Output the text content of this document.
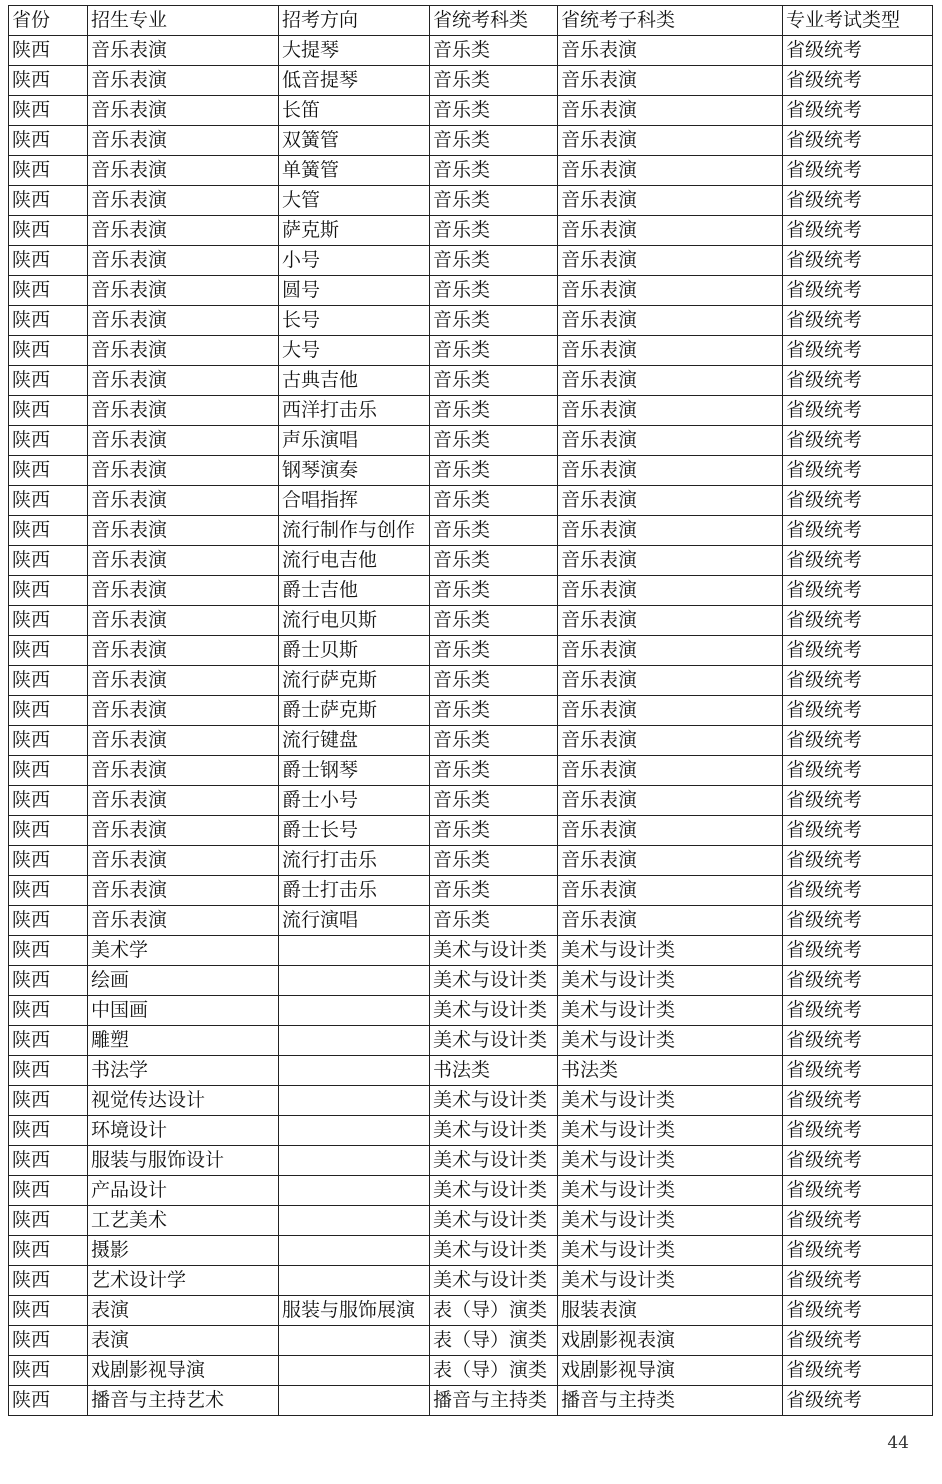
省份	招生专业	招考方向	省统考科类	省统考子科类	专业考试类型
陕西	音乐表演	大提琴	音乐类	音乐表演	省级统考
陕西	音乐表演	低音提琴	音乐类	音乐表演	省级统考
陕西	音乐表演	长笛	音乐类	音乐表演	省级统考
陕西	音乐表演	双簧管	音乐类	音乐表演	省级统考
陕西	音乐表演	单簧管	音乐类	音乐表演	省级统考
陕西	音乐表演	大管	音乐类	音乐表演	省级统考
陕西	音乐表演	萨克斯	音乐类	音乐表演	省级统考
陕西	音乐表演	小号	音乐类	音乐表演	省级统考
陕西	音乐表演	圆号	音乐类	音乐表演	省级统考
陕西	音乐表演	长号	音乐类	音乐表演	省级统考
陕西	音乐表演	大号	音乐类	音乐表演	省级统考
陕西	音乐表演	古典吉他	音乐类	音乐表演	省级统考
陕西	音乐表演	西洋打击乐	音乐类	音乐表演	省级统考
陕西	音乐表演	声乐演唱	音乐类	音乐表演	省级统考
陕西	音乐表演	钢琴演奏	音乐类	音乐表演	省级统考
陕西	音乐表演	合唱指挥	音乐类	音乐表演	省级统考
陕西	音乐表演	流行制作与创作	音乐类	音乐表演	省级统考
陕西	音乐表演	流行电吉他	音乐类	音乐表演	省级统考
陕西	音乐表演	爵士吉他	音乐类	音乐表演	省级统考
陕西	音乐表演	流行电贝斯	音乐类	音乐表演	省级统考
陕西	音乐表演	爵士贝斯	音乐类	音乐表演	省级统考
陕西	音乐表演	流行萨克斯	音乐类	音乐表演	省级统考
陕西	音乐表演	爵士萨克斯	音乐类	音乐表演	省级统考
陕西	音乐表演	流行键盘	音乐类	音乐表演	省级统考
陕西	音乐表演	爵士钢琴	音乐类	音乐表演	省级统考
陕西	音乐表演	爵士小号	音乐类	音乐表演	省级统考
陕西	音乐表演	爵士长号	音乐类	音乐表演	省级统考
陕西	音乐表演	流行打击乐	音乐类	音乐表演	省级统考
陕西	音乐表演	爵士打击乐	音乐类	音乐表演	省级统考
陕西	音乐表演	流行演唱	音乐类	音乐表演	省级统考
陕西	美术学		美术与设计类	美术与设计类	省级统考
陕西	绘画		美术与设计类	美术与设计类	省级统考
陕西	中国画		美术与设计类	美术与设计类	省级统考
陕西	雕塑		美术与设计类	美术与设计类	省级统考
陕西	书法学		书法类	书法类	省级统考
陕西	视觉传达设计		美术与设计类	美术与设计类	省级统考
陕西	环境设计		美术与设计类	美术与设计类	省级统考
陕西	服装与服饰设计		美术与设计类	美术与设计类	省级统考
陕西	产品设计		美术与设计类	美术与设计类	省级统考
陕西	工艺美术		美术与设计类	美术与设计类	省级统考
陕西	摄影		美术与设计类	美术与设计类	省级统考
陕西	艺术设计学		美术与设计类	美术与设计类	省级统考
陕西	表演	服装与服饰展演	表（导）演类	服装表演	省级统考
陕西	表演		表（导）演类	戏剧影视表演	省级统考
陕西	戏剧影视导演		表（导）演类	戏剧影视导演	省级统考
陕西	播音与主持艺术		播音与主持类	播音与主持类	省级统考
44
